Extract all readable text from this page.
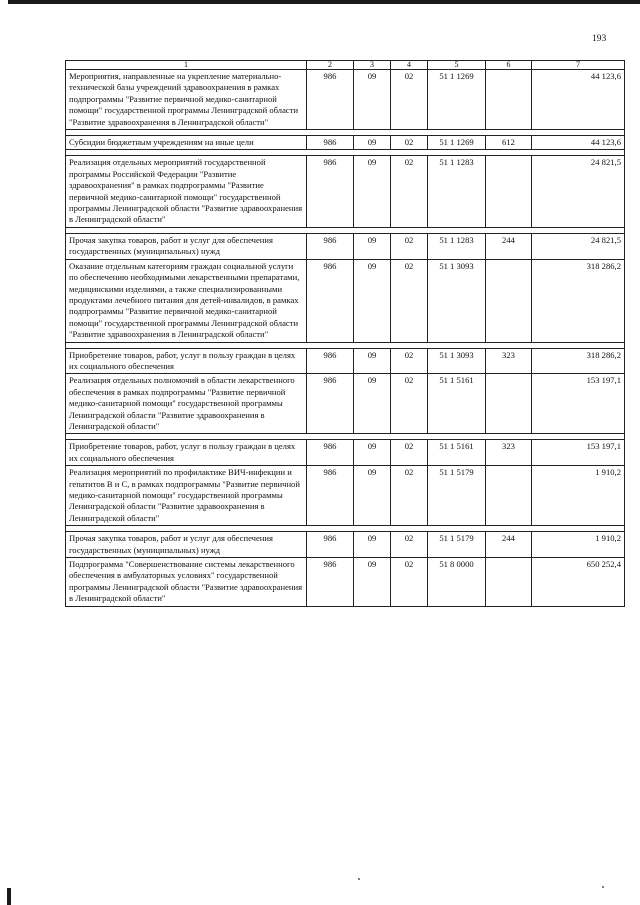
193
1	2	3	4	5	6	7
Мероприятия, направленные на укрепление материально-технической базы учреждений здравоохранения в рамках подпрограммы "Развитие первичной медико-санитарной помощи" государственной программы Ленинградской области "Развитие здравоохранения в Ленинградской области"	986	09	02	51 1 1269		44 123,6

Субсидии бюджетным учреждениям на иные цели	986	09	02	51 1 1269	612	44 123,6

Реализация отдельных мероприятий государственной программы Российской Федерации "Развитие здравоохранения" в рамках подпрограммы "Развитие первичной медико-санитарной помощи" государственной программы Ленинградской области "Развитие здравоохранения в Ленинградской области"	986	09	02	51 1 1283		24 821,5

Прочая закупка товаров, работ и услуг для обеспечения государственных (муниципальных) нужд	986	09	02	51 1 1283	244	24 821,5
Оказание отдельным категориям граждан социальной услуги по обеспечению необходимыми лекарственными препаратами, медицинскими изделиями, а также специализированными продуктами лечебного питания для детей-инвалидов, в рамках подпрограммы "Развитие первичной медико-санитарной помощи" государственной программы Ленинградской области "Развитие здравоохранения в Ленинградской области"	986	09	02	51 1 3093		318 286,2

Приобретение товаров, работ, услуг в пользу граждан в целях их социального обеспечения	986	09	02	51 1 3093	323	318 286,2
Реализация отдельных полномочий в области лекарственного обеспечения в рамках подпрограммы "Развитие первичной медико-санитарной помощи" государственной программы Ленинградской области "Развитие здравоохранения в Ленинградской области"	986	09	02	51 1 5161		153 197,1

Приобретение товаров, работ, услуг в пользу граждан в целях их социального обеспечения	986	09	02	51 1 5161	323	153 197,1
Реализация мероприятий по профилактике ВИЧ-инфекции и гепатитов В и С, в рамках подпрограммы "Развитие первичной медико-санитарной помощи" государственной программы Ленинградской области "Развитие здравоохранения в Ленинградской области"	986	09	02	51 1 5179		1 910,2

Прочая закупка товаров, работ и услуг для обеспечения государственных (муниципальных) нужд	986	09	02	51 1 5179	244	1 910,2
Подпрограмма "Совершенствование системы лекарственного обеспечения в амбулаторных условиях" государственной программы Ленинградской области "Развитие здравоохранения в Ленинградской области"	986	09	02	51 8 0000		650 252,4
